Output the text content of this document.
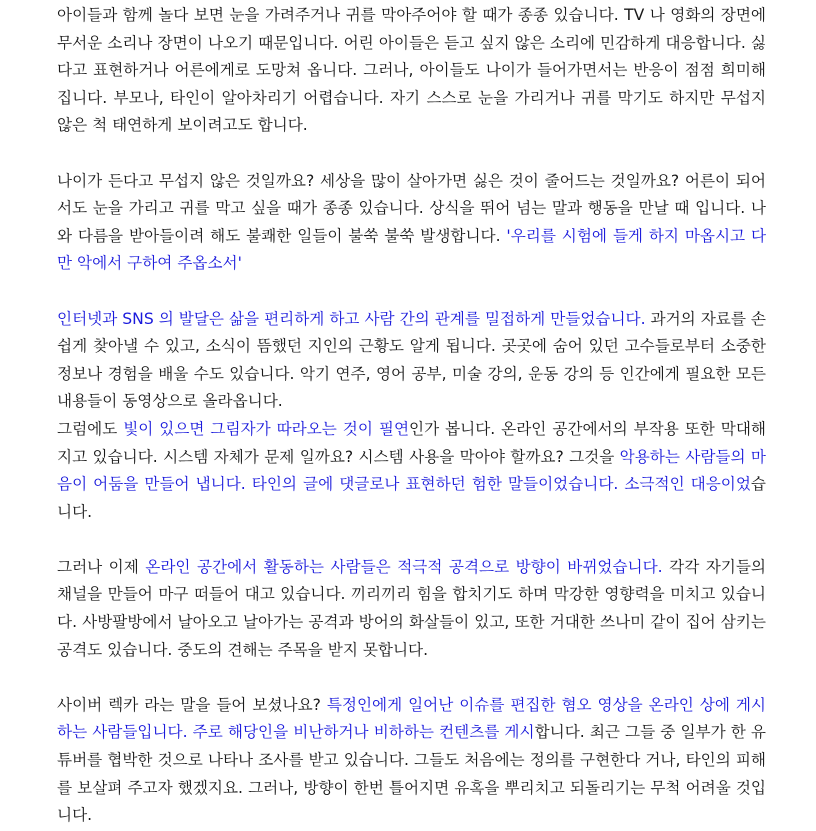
아이들과 함께 놀다 보면 눈을 가려주거나 귀를 막아주어야 할 때가 종종 있습니다. TV 나 영화의 장면에 무서운 소리나 장면이 나오기 때문입니다. 어린 아이들은 듣고 싶지 않은 소리에 민감하게 대응합니다. 싫다고 표현하거나 어른에게로 도망쳐 옵니다. 그러나, 아이들도 나이가 들어가면서는 반응이 점점 희미해집니다. 부모나, 타인이 알아차리기 어렵습니다. 자기 스스로 눈을 가리거나 귀를 막기도 하지만 무섭지 않은 척 태연하게 보이려고도 합니다.

나이가 든다고 무섭지 않은 것일까요? 세상을 많이 살아가면 싫은 것이 줄어드는 것일까요? 어른이 되어서도 눈을 가리고 귀를 막고 싶을 때가 종종 있습니다. 상식을 뛰어 넘는 말과 행동을 만날 때 입니다. 나와 다름을 받아들이려 해도 불쾌한 일들이 불쑥 불쑥 발생합니다. '우리를 시험에 들게 하지 마옵시고 다만 악에서 구하여 주옵소서'

인터넷과 SNS 의 발달은 삶을 편리하게 하고 사람 간의 관계를 밀접하게 만들었습니다. 과거의 자료를 손쉽게 찾아낼 수 있고, 소식이 뜸했던 지인의 근황도 알게 됩니다. 곳곳에 숨어 있던 고수들로부터 소중한 정보나 경험을 배울 수도 있습니다. 악기 연주, 영어 공부, 미술 강의, 운동 강의 등 인간에게 필요한 모든 내용들이 동영상으로 올라옵니다.

그럼에도 빛이 있으면 그림자가 따라오는 것이 필연인가 봅니다. 온라인 공간에서의 부작용 또한 막대해지고 있습니다. 시스템 자체가 문제 일까요? 시스템 사용을 막아야 할까요? 그것을 악용하는 사람들의 마음이 어둠을 만들어 냅니다. 타인의 글에 댓글로나 표현하던 험한 말들이었습니다. 소극적인 대응이었습니다.

그러나 이제 온라인 공간에서 활동하는 사람들은 적극적 공격으로 방향이 바뀌었습니다. 각각 자기들의 채널을 만들어 마구 떠들어 대고 있습니다. 끼리끼리 힘을 합치기도 하며 막강한 영향력을 미치고 있습니다. 사방팔방에서 날아오고 날아가는 공격과 방어의 화살들이 있고, 또한 거대한 쓰나미 같이 집어 삼키는 공격도 있습니다. 중도의 견해는 주목을 받지 못합니다.

사이버 렉카 라는 말을 들어 보셨나요? 특정인에게 일어난 이슈를 편집한 혐오 영상을 온라인 상에 게시하는 사람들입니다. 주로 해당인을 비난하거나 비하하는 컨텐츠를 게시합니다. 최근 그들 중 일부가 한 유튜버를 협박한 것으로 나타나 조사를 받고 있습니다. 그들도 처음에는 정의를 구현한다 거나, 타인의 피해를 보살펴 주고자 했겠지요. 그러나, 방향이 한번 틀어지면 유혹을 뿌리치고 되돌리기는 무척 어려울 것입니다.
